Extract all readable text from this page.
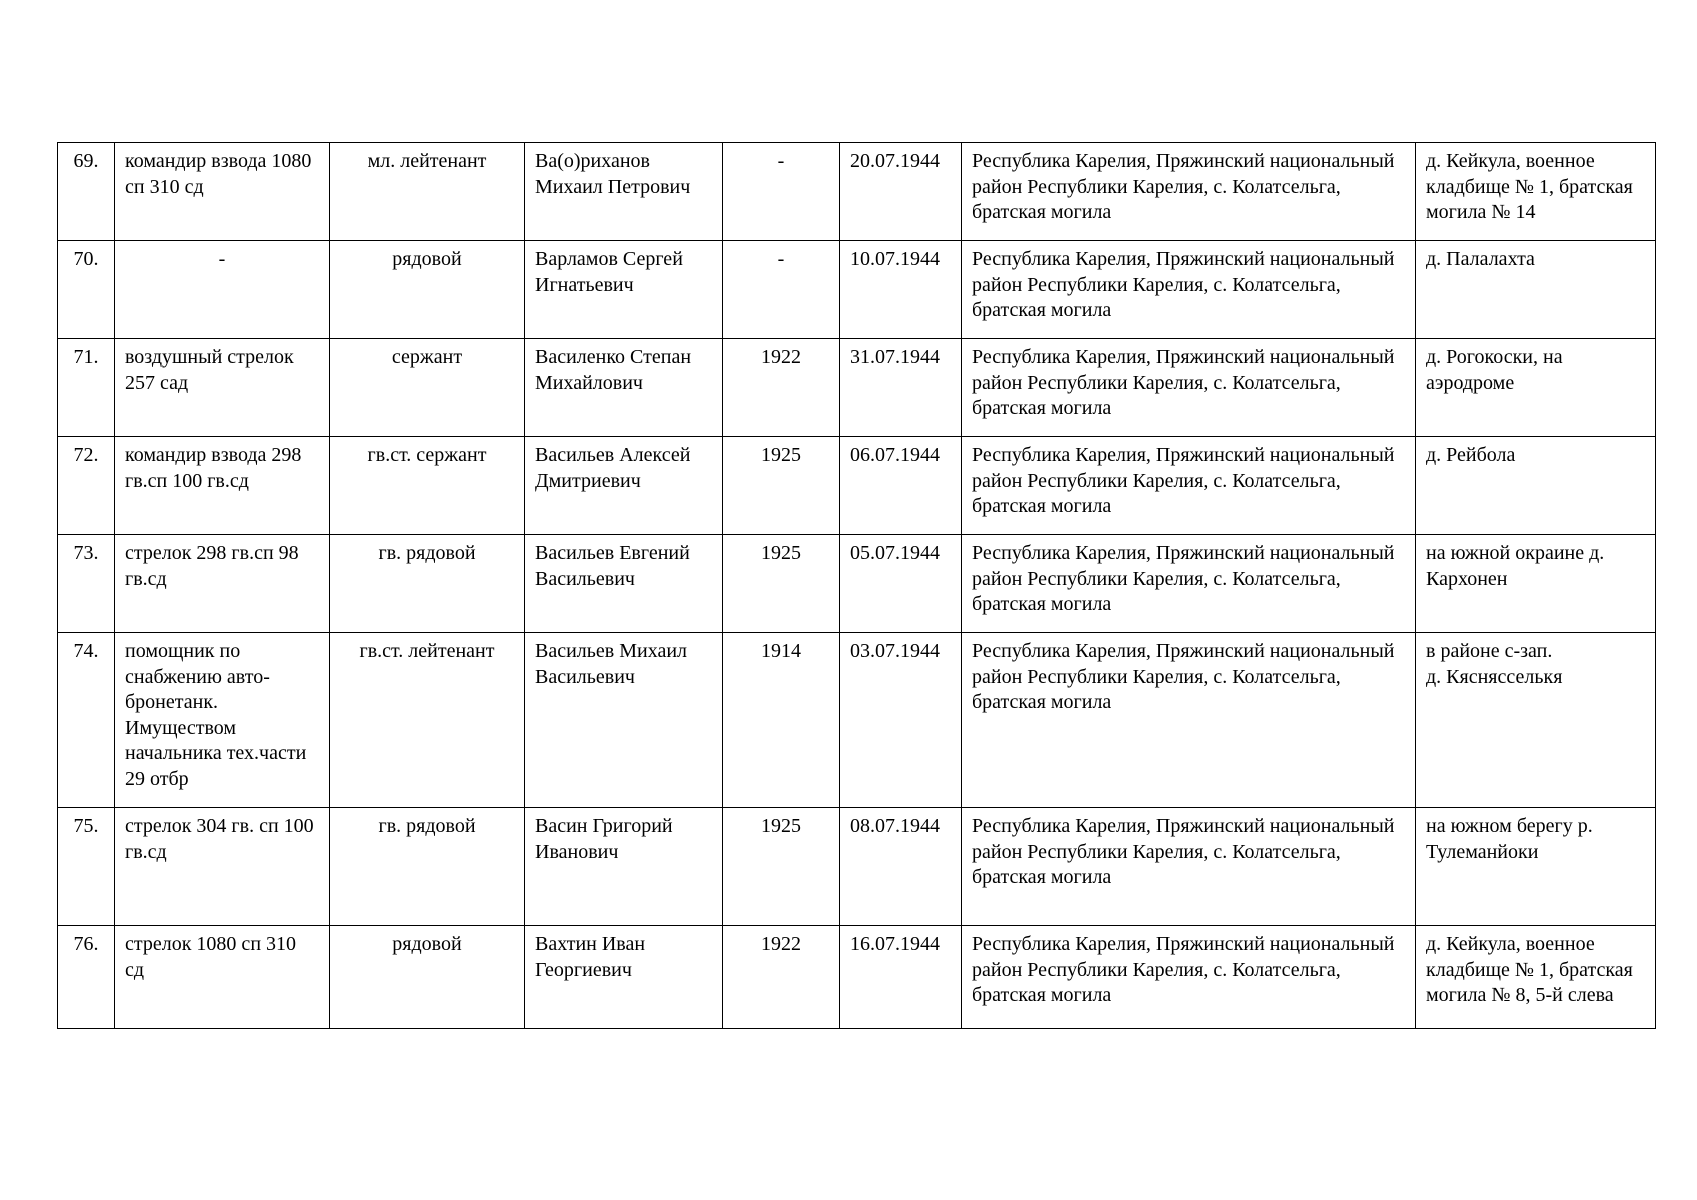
69.	командир взвода 1080 сп 310 сд	мл. лейтенант	Ва(о)риханов Михаил Петрович	-	20.07.1944	Республика Карелия, Пряжинский национальный район Республики Карелия, с. Колатсельга, братская могила	д. Кейкула, военное кладбище № 1, братская могила № 14
70.	-	рядовой	Варламов Сергей Игнатьевич	-	10.07.1944	Республика Карелия, Пряжинский национальный район Республики Карелия, с. Колатсельга, братская могила	д. Палалахта
71.	воздушный стрелок 257 сад	сержант	Василенко Степан Михайлович	1922	31.07.1944	Республика Карелия, Пряжинский национальный район Республики Карелия, с. Колатсельга, братская могила	д. Рогокоски, на аэродроме
72.	командир взвода 298 гв.сп 100 гв.сд	гв.ст. сержант	Васильев Алексей Дмитриевич	1925	06.07.1944	Республика Карелия, Пряжинский национальный район Республики Карелия, с. Колатсельга, братская могила	д. Рейбола
73.	стрелок 298 гв.сп 98 гв.сд	гв. рядовой	Васильев Евгений Васильевич	1925	05.07.1944	Республика Карелия, Пряжинский национальный район Республики Карелия, с. Колатсельга, братская могила	на южной окраине д. Кархонен
74.	помощник по снабжению авто-бронетанк. Имуществом начальника тех.части 29 отбр	гв.ст. лейтенант	Васильев Михаил Васильевич	1914	03.07.1944	Республика Карелия, Пряжинский национальный район Республики Карелия, с. Колатсельга, братская могила	в районе с-зап.
д. Кяснясселькя
75.	стрелок 304 гв. сп 100 гв.сд	гв. рядовой	Васин Григорий Иванович	1925	08.07.1944	Республика Карелия, Пряжинский национальный район Республики Карелия, с. Колатсельга, братская могила	на южном берегу р. Тулеманйоки
76.	стрелок 1080 сп 310 сд	рядовой	Вахтин Иван Георгиевич	1922	16.07.1944	Республика Карелия, Пряжинский национальный район Республики Карелия, с. Колатсельга, братская могила	д. Кейкула, военное кладбище № 1, братская могила № 8, 5-й слева
